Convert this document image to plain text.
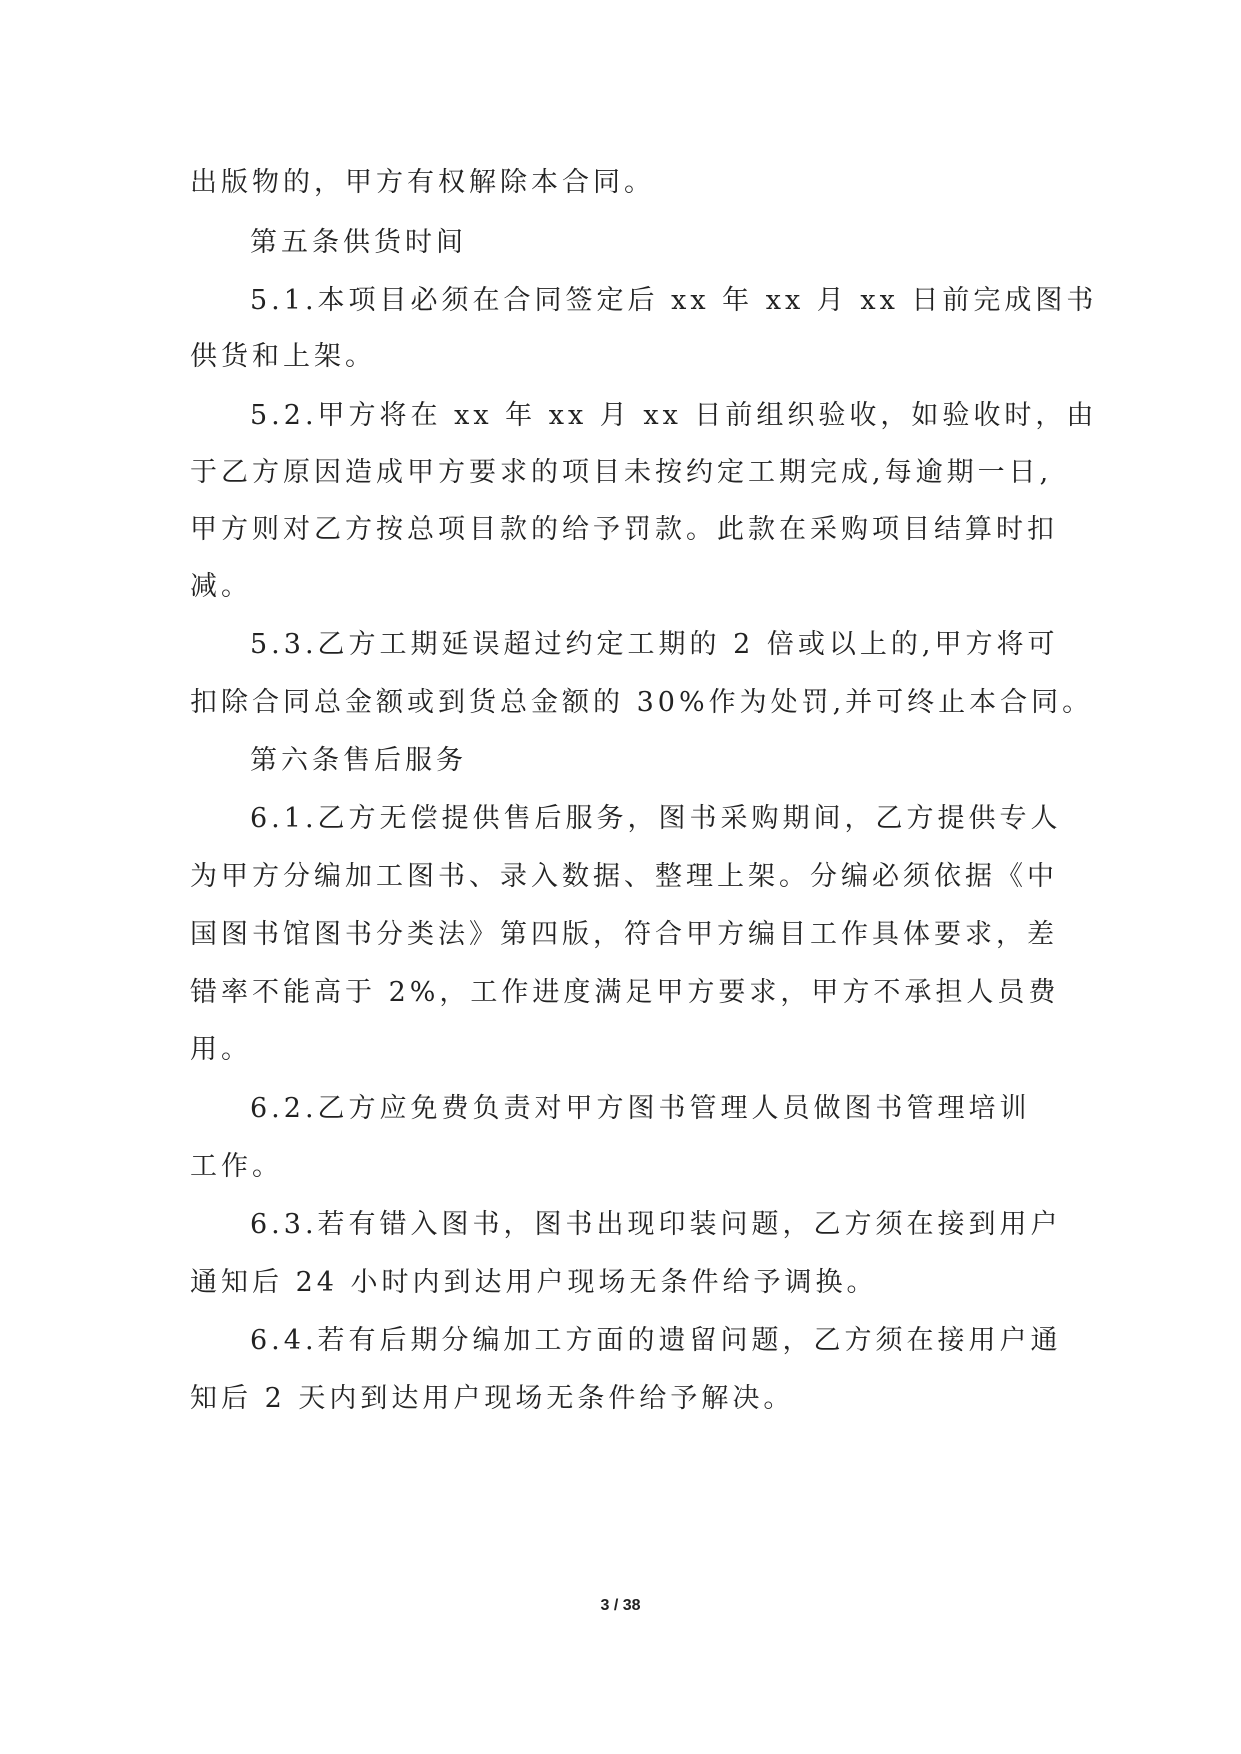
出版物的，甲方有权解除本合同。
第五条供货时间
5.1.本项目必须在合同签定后 xx 年 xx 月 xx 日前完成图书
供货和上架。
5.2.甲方将在 xx 年 xx 月 xx 日前组织验收，如验收时，由
于乙方原因造成甲方要求的项目未按约定工期完成,每逾期一日,
甲方则对乙方按总项目款的给予罚款。此款在采购项目结算时扣
减。
5.3.乙方工期延误超过约定工期的 2 倍或以上的,甲方将可
扣除合同总金额或到货总金额的 30%作为处罚,并可终止本合同。
第六条售后服务
6.1.乙方无偿提供售后服务，图书采购期间，乙方提供专人
为甲方分编加工图书、录入数据、整理上架。分编必须依据《中
国图书馆图书分类法》第四版，符合甲方编目工作具体要求，差
错率不能高于 2%，工作进度满足甲方要求，甲方不承担人员费
用。
6.2.乙方应免费负责对甲方图书管理人员做图书管理培训
工作。
6.3.若有错入图书，图书出现印装问题，乙方须在接到用户
通知后 24 小时内到达用户现场无条件给予调换。
6.4.若有后期分编加工方面的遗留问题，乙方须在接用户通
知后 2 天内到达用户现场无条件给予解决。
3 / 38
